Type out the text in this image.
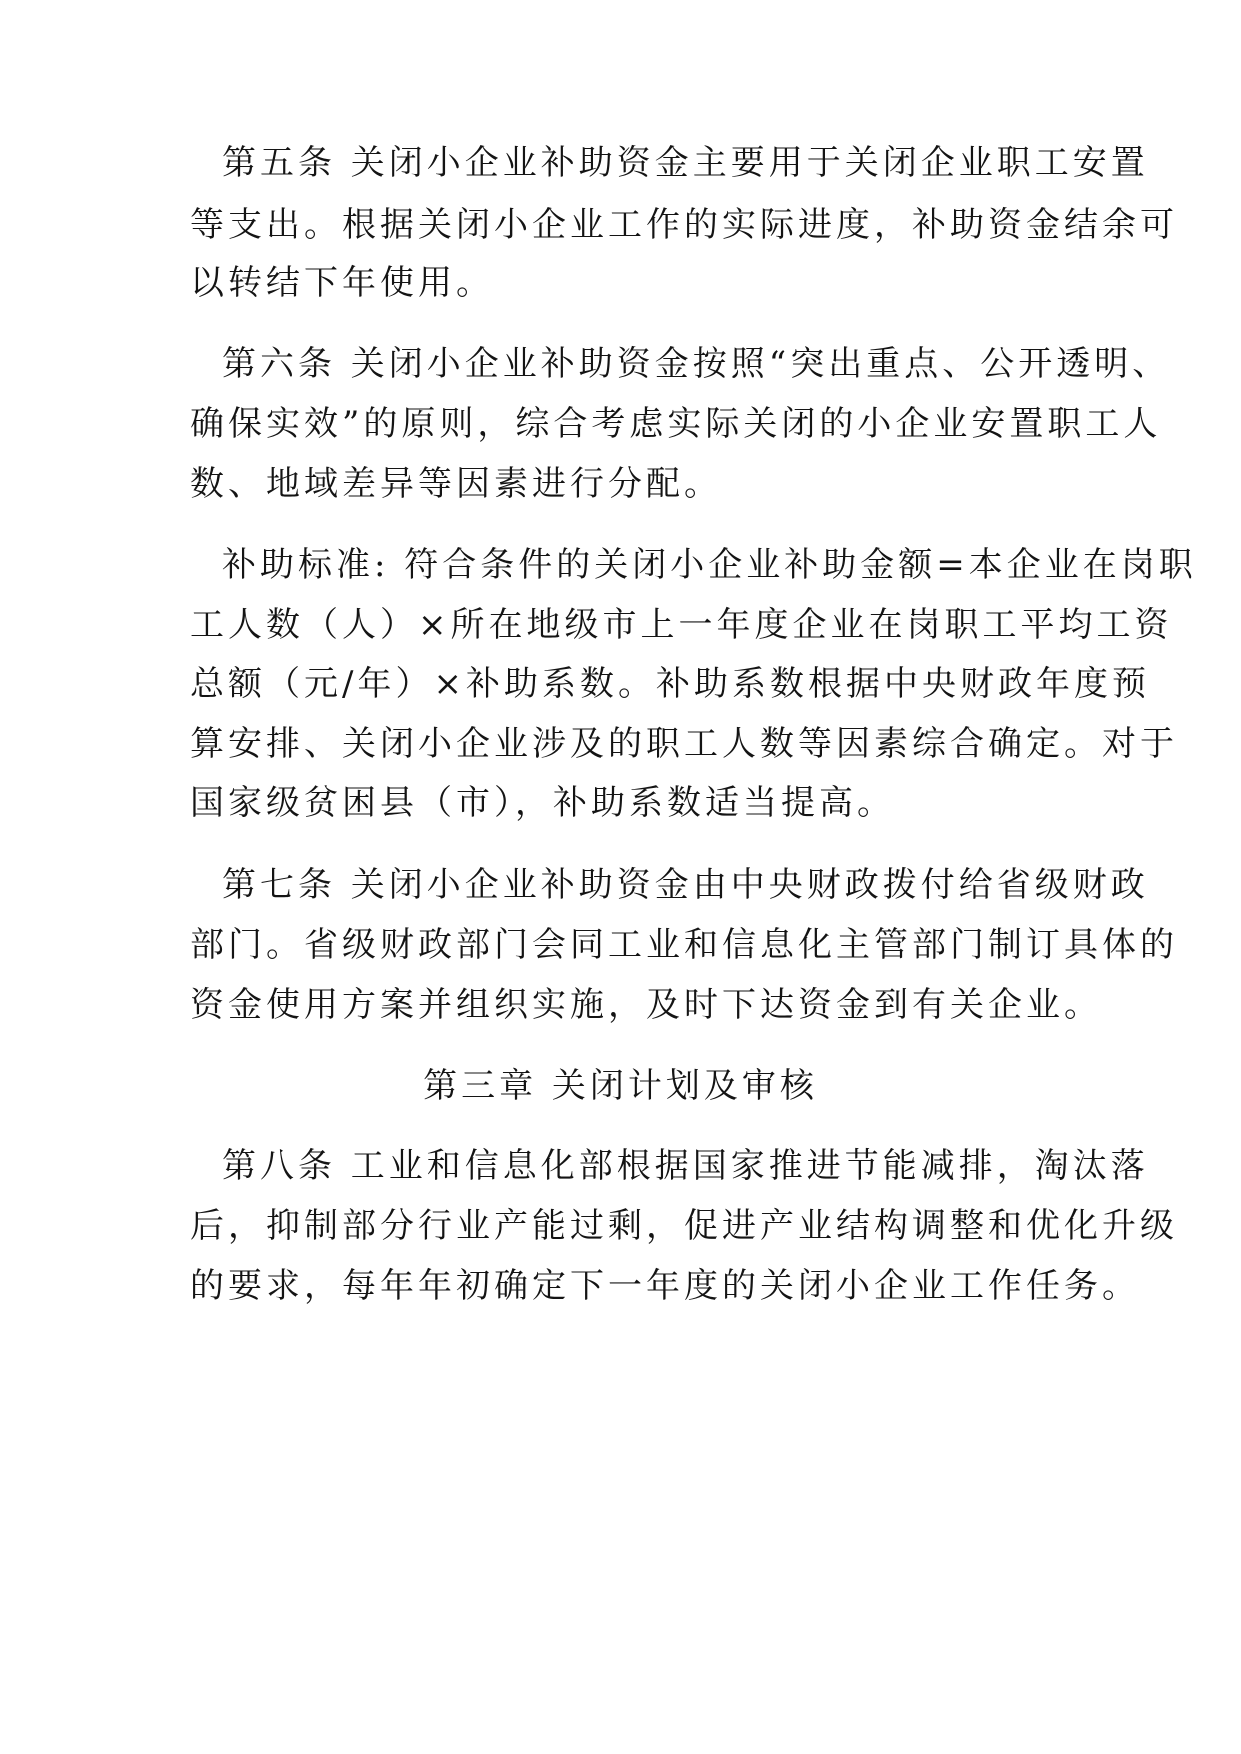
第五条 关闭小企业补助资金主要用于关闭企业职工安置
等支出。根据关闭小企业工作的实际进度，补助资金结余可
以转结下年使用。
第六条 关闭小企业补助资金按照“突出重点、公开透明、
确保实效”的原则，综合考虑实际关闭的小企业安置职工人
数、地域差异等因素进行分配。
补助标准: 符合条件的关闭小企业补助金额=本企业在岗职
工人数（人）×所在地级市上一年度企业在岗职工平均工资
总额（元/年）×补助系数。补助系数根据中央财政年度预
算安排、关闭小企业涉及的职工人数等因素综合确定。对于
国家级贫困县（市），补助系数适当提高。
第七条 关闭小企业补助资金由中央财政拨付给省级财政
部门。省级财政部门会同工业和信息化主管部门制订具体的
资金使用方案并组织实施，及时下达资金到有关企业。
第三章 关闭计划及审核
第八条 工业和信息化部根据国家推进节能减排，淘汰落
后，抑制部分行业产能过剩，促进产业结构调整和优化升级
的要求，每年年初确定下一年度的关闭小企业工作任务。
